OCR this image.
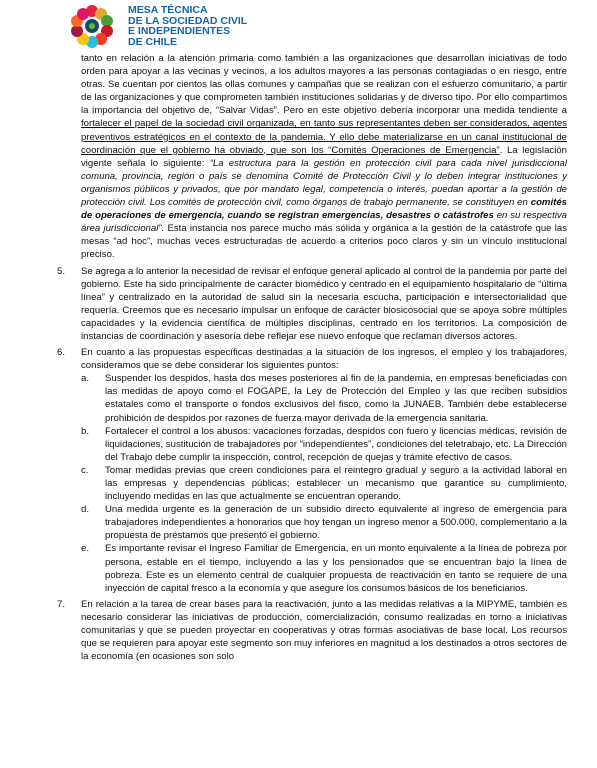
MESA TÉCNICA
DE LA SOCIEDAD CIVIL
E INDEPENDIENTES
DE CHILE

tanto en relación a la atención primaria como también a las organizaciones que desarrollan iniciativas de todo orden para apoyar a las vecinas y vecinos, a los adultos mayores a las personas contagiadas o en riesgo, entre otras. Se cuentan por cientos las ollas comunes y campañas que se realizan con el esfuerzo comunitario, a partir de las organizaciones y que comprometen también instituciones solidarias y de diverso tipo. Por ello compartimos la importancia del objetivo de, “Salvar Vidas”. Pero en este objetivo debería incorporar una medida tendiente a fortalecer el papel de la sociedad civil organizada, en tanto sus representantes deben ser considerados, agentes preventivos estratégicos en el contexto de la pandemia. Y ello debe materializarse en un canal institucional de coordinación que el gobierno ha obviado, que son los “Comités Operaciones de Emergencia”. La legislación vigente señala lo siguiente: “La estructura para la gestión en protección civil para cada nivel jurisdiccional comuna, provincia, región o país se denomina Comité de Protección Civil y lo deben integrar instituciones y organismos públicos y privados, que por mandato legal, competencia o interés, puedan aportar a la gestión de protección civil. Los comités de protección civil, como órganos de trabajo permanente, se constituyen en comités de operaciones de emergencia, cuando se registran emergencias, desastres o catástrofes en su respectiva área jurisdiccional”. Esta instancia nos parece mucho más sólida y orgánica a la gestión de la catástrofe que las mesas “ad hoc”, muchas veces estructuradas de acuerdo a criterios poco claros y sin un vínculo institucional preciso.

5. Se agrega a lo anterior la necesidad de revisar el enfoque general aplicado al control de la pandemia por parte del gobierno. Este ha sido principalmente de carácter biomédico y centrado en el equipamiento hospitalario de “última línea” y centralizado en la autoridad de salud sin la necesaria escucha, participación e intersectorialidad que requería. Creemos que es necesario impulsar un enfoque de carácter biosicosocial que se apoya sobre múltiples capacidades y la evidencia científica de múltiples disciplinas, centrado en los territorios. La composición de instancias de coordinación y asesoría debe reflejar ese nuevo enfoque que reclaman diversos actores.

6. En cuanto a las propuestas específicas destinadas a la situación de los ingresos, el empleo y los trabajadores, consideramos que se debe considerar los siguientes puntos:

a. Suspender los despidos, hasta dos meses posteriores al fin de la pandemia, en empresas beneficiadas con las medidas de apoyo como el FOGAPE, la Ley de Protección del Empleo y las que reciben subsidios estatales como el transporte o fondos exclusivos del fisco, como la JUNAEB. También debe establecerse prohibición de despidos por razones de fuerza mayor derivada de la emergencia sanitaria.

b. Fortalecer el control a los abusos: vacaciones forzadas, despidos con fuero y licencias médicas, revisión de liquidaciones, sustitución de trabajadores por “independientes”, condiciones del teletrabajo, etc. La Dirección del Trabajo debe cumplir la inspección, control, recepción de quejas y trámite efectivo de casos.

c. Tomar medidas previas que creen condiciones para el reintegro gradual y seguro a la actividad laboral en las empresas y dependencias públicas; establecer un mecanismo que garantice su cumplimiento, incluyendo medidas en las que actualmente se encuentran operando.

d. Una medida urgente es la generación de un subsidio directo equivalente al ingreso de emergencia para trabajadores independientes a honorarios que hoy tengan un ingreso menor a 500.000, complementario a la propuesta de préstamos que presentó el gobierno.

e. Es importante revisar el Ingreso Familiar de Emergencia, en un monto equivalente a la línea de pobreza por persona, estable en el tiempo, incluyendo a las y los pensionados que se encuentran bajo la línea de pobreza. Este es un elemento central de cualquier propuesta de reactivación en tanto se requiere de una inyección de capital fresco a la economía y que asegure los consumos básicos de los beneficiarios.

7. En relación a la tarea de crear bases para la reactivación, junto a las medidas relativas a la MIPYME, también es necesario considerar las iniciativas de producción, comercialización, consumo realizadas en torno a iniciativas comunitarias y que se pueden proyectar en cooperativas y otras formas asociativas de base local. Los recursos que se requieren para apoyar este segmento son muy inferiores en magnitud a los destinados a otros sectores de la economía (en ocasiones son solo
